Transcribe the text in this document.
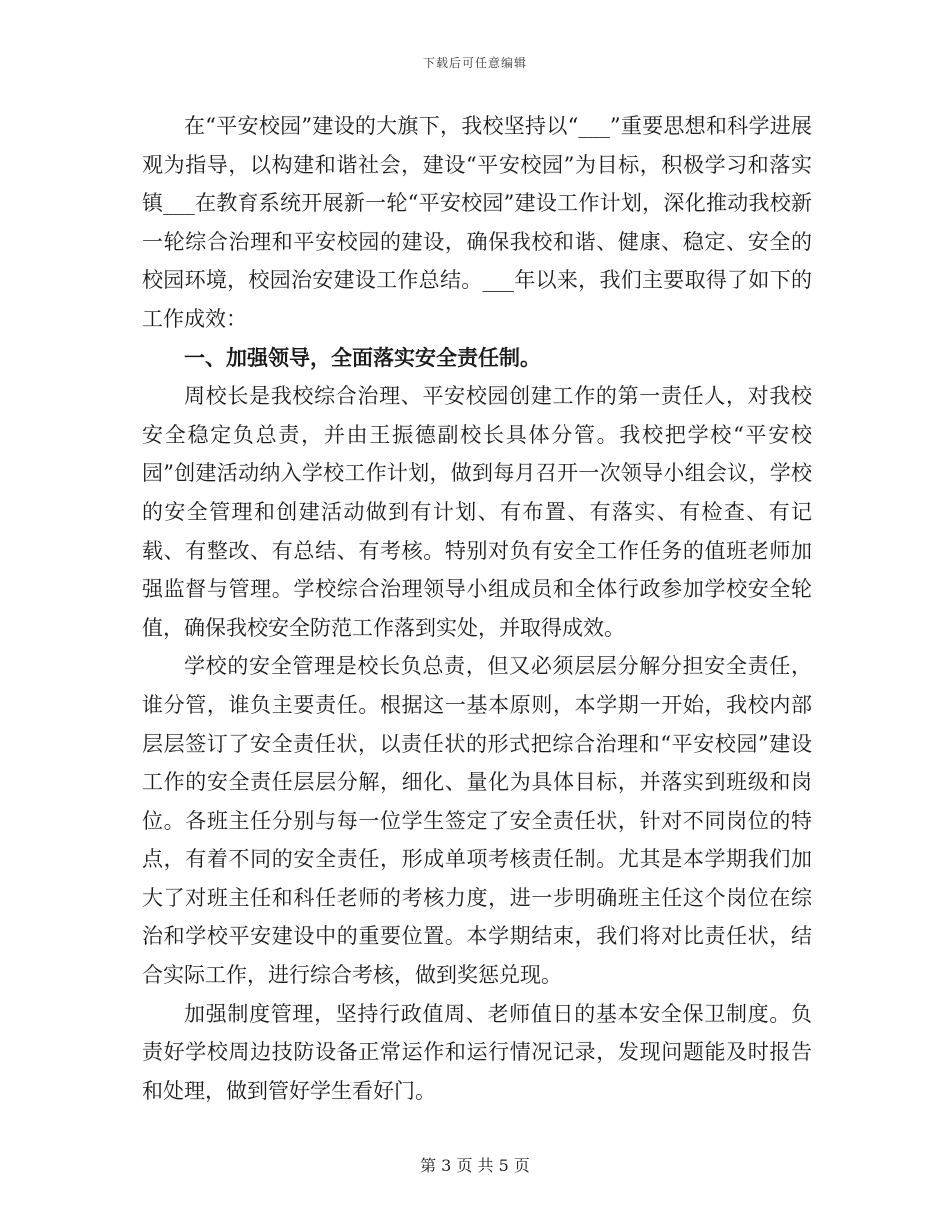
下载后可任意编辑

在“平安校园”建设的大旗下，我校坚持以“___”重要思想和科学进展观为指导，以构建和谐社会，建设“平安校园”为目标，积极学习和落实镇___在教育系统开展新一轮“平安校园”建设工作计划，深化推动我校新一轮综合治理和平安校园的建设，确保我校和谐、健康、稳定、安全的校园环境，校园治安建设工作总结。___年以来，我们主要取得了如下的工作成效：

一、加强领导，全面落实安全责任制。

周校长是我校综合治理、平安校园创建工作的第一责任人，对我校安全稳定负总责，并由王振德副校长具体分管。我校把学校“平安校园”创建活动纳入学校工作计划，做到每月召开一次领导小组会议，学校的安全管理和创建活动做到有计划、有布置、有落实、有检查、有记载、有整改、有总结、有考核。特别对负有安全工作任务的值班老师加强监督与管理。学校综合治理领导小组成员和全体行政参加学校安全轮值，确保我校安全防范工作落到实处，并取得成效。

学校的安全管理是校长负总责，但又必须层层分解分担安全责任，谁分管，谁负主要责任。根据这一基本原则，本学期一开始，我校内部层层签订了安全责任状，以责任状的形式把综合治理和“平安校园”建设工作的安全责任层层分解，细化、量化为具体目标，并落实到班级和岗位。各班主任分别与每一位学生签定了安全责任状，针对不同岗位的特点，有着不同的安全责任，形成单项考核责任制。尤其是本学期我们加大了对班主任和科任老师的考核力度，进一步明确班主任这个岗位在综治和学校平安建设中的重要位置。本学期结束，我们将对比责任状，结合实际工作，进行综合考核，做到奖惩兑现。

加强制度管理，坚持行政值周、老师值日的基本安全保卫制度。负责好学校周边技防设备正常运作和运行情况记录，发现问题能及时报告和处理，做到管好学生看好门。

第 3 页 共 5 页
